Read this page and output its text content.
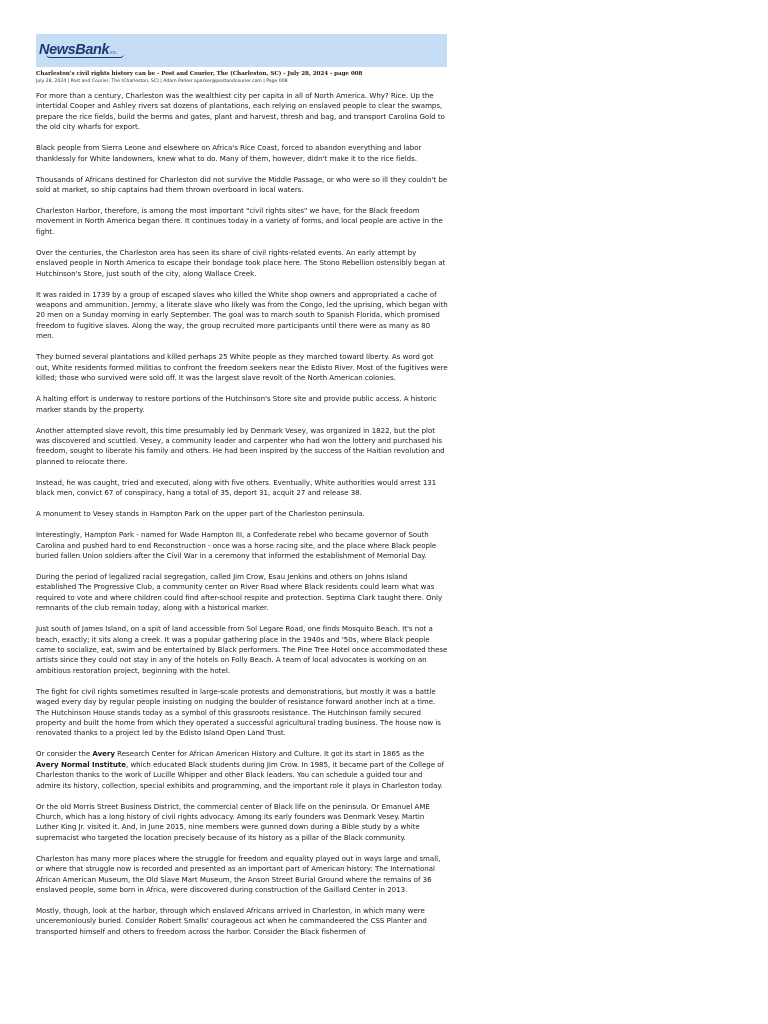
NewsBankinc.
Charleston's civil rights history can be - Post and Courier, The (Charleston, SC) - July 28, 2024 - page 008
July 28, 2024 | Post and Courier, The (Charleston, SC) | Adam Parker aparker@postandcourier.com | Page 008

For more than a century, Charleston was the wealthiest city per capita in all of North America. Why? Rice. Up the intertidal Cooper and Ashley rivers sat dozens of plantations, each relying on enslaved people to clear the swamps, prepare the rice fields, build the berms and gates, plant and harvest, thresh and bag, and transport Carolina Gold to the old city wharfs for export.

Black people from Sierra Leone and elsewhere on Africa's Rice Coast, forced to abandon everything and labor thanklessly for White landowners, knew what to do. Many of them, however, didn't make it to the rice fields.

Thousands of Africans destined for Charleston did not survive the Middle Passage, or who were so ill they couldn't be sold at market, so ship captains had them thrown overboard in local waters.

Charleston Harbor, therefore, is among the most important "civil rights sites" we have, for the Black freedom movement in North America began there. It continues today in a variety of forms, and local people are active in the fight.

Over the centuries, the Charleston area has seen its share of civil rights-related events. An early attempt by enslaved people in North America to escape their bondage took place here. The Stono Rebellion ostensibly began at Hutchinson's Store, just south of the city, along Wallace Creek.

It was raided in 1739 by a group of escaped slaves who killed the White shop owners and appropriated a cache of weapons and ammunition. Jemmy, a literate slave who likely was from the Congo, led the uprising, which began with 20 men on a Sunday morning in early September. The goal was to march south to Spanish Florida, which promised freedom to fugitive slaves. Along the way, the group recruited more participants until there were as many as 80 men.

They burned several plantations and killed perhaps 25 White people as they marched toward liberty. As word got out, White residents formed militias to confront the freedom seekers near the Edisto River. Most of the fugitives were killed; those who survived were sold off. It was the largest slave revolt of the North American colonies.

A halting effort is underway to restore portions of the Hutchinson's Store site and provide public access. A historic marker stands by the property.

Another attempted slave revolt, this time presumably led by Denmark Vesey, was organized in 1822, but the plot was discovered and scuttled. Vesey, a community leader and carpenter who had won the lottery and purchased his freedom, sought to liberate his family and others. He had been inspired by the success of the Haitian revolution and planned to relocate there.

Instead, he was caught, tried and executed, along with five others. Eventually, White authorities would arrest 131 black men, convict 67 of conspiracy, hang a total of 35, deport 31, acquit 27 and release 38.

A monument to Vesey stands in Hampton Park on the upper part of the Charleston peninsula.

Interestingly, Hampton Park - named for Wade Hampton III, a Confederate rebel who became governor of South Carolina and pushed hard to end Reconstruction - once was a horse racing site, and the place where Black people buried fallen Union soldiers after the Civil War in a ceremony that informed the establishment of Memorial Day.

During the period of legalized racial segregation, called Jim Crow, Esau Jenkins and others on Johns Island established The Progressive Club, a community center on River Road where Black residents could learn what was required to vote and where children could find after-school respite and protection. Septima Clark taught there. Only remnants of the club remain today, along with a historical marker.

Just south of James Island, on a spit of land accessible from Sol Legare Road, one finds Mosquito Beach. It's not a beach, exactly; it sits along a creek. It was a popular gathering place in the 1940s and '50s, where Black people came to socialize, eat, swim and be entertained by Black performers. The Pine Tree Hotel once accommodated these artists since they could not stay in any of the hotels on Folly Beach. A team of local advocates is working on an ambitious restoration project, beginning with the hotel.

The fight for civil rights sometimes resulted in large-scale protests and demonstrations, but mostly it was a battle waged every day by regular people insisting on nudging the boulder of resistance forward another inch at a time. The Hutchinson House stands today as a symbol of this grassroots resistance. The Hutchinson family secured property and built the home from which they operated a successful agricultural trading business. The house now is renovated thanks to a project led by the Edisto Island Open Land Trust.

Or consider the Avery Research Center for African American History and Culture. It got its start in 1865 as the Avery Normal Institute, which educated Black students during Jim Crow. In 1985, it became part of the College of Charleston thanks to the work of Lucille Whipper and other Black leaders. You can schedule a guided tour and admire its history, collection, special exhibits and programming, and the important role it plays in Charleston today.

Or the old Morris Street Business District, the commercial center of Black life on the peninsula. Or Emanuel AME Church, which has a long history of civil rights advocacy. Among its early founders was Denmark Vesey. Martin Luther King Jr. visited it. And, in June 2015, nine members were gunned down during a Bible study by a white supremacist who targeted the location precisely because of its history as a pillar of the Black community.

Charleston has many more places where the struggle for freedom and equality played out in ways large and small, or where that struggle now is recorded and presented as an important part of American history: The International African American Museum, the Old Slave Mart Museum, the Anson Street Burial Ground where the remains of 36 enslaved people, some born in Africa, were discovered during construction of the Gaillard Center in 2013.

Mostly, though, look at the harbor, through which enslaved Africans arrived in Charleston, in which many were unceremoniously buried. Consider Robert Smalls' courageous act when he commandeered the CSS Planter and transported himself and others to freedom across the harbor. Consider the Black fishermen of
